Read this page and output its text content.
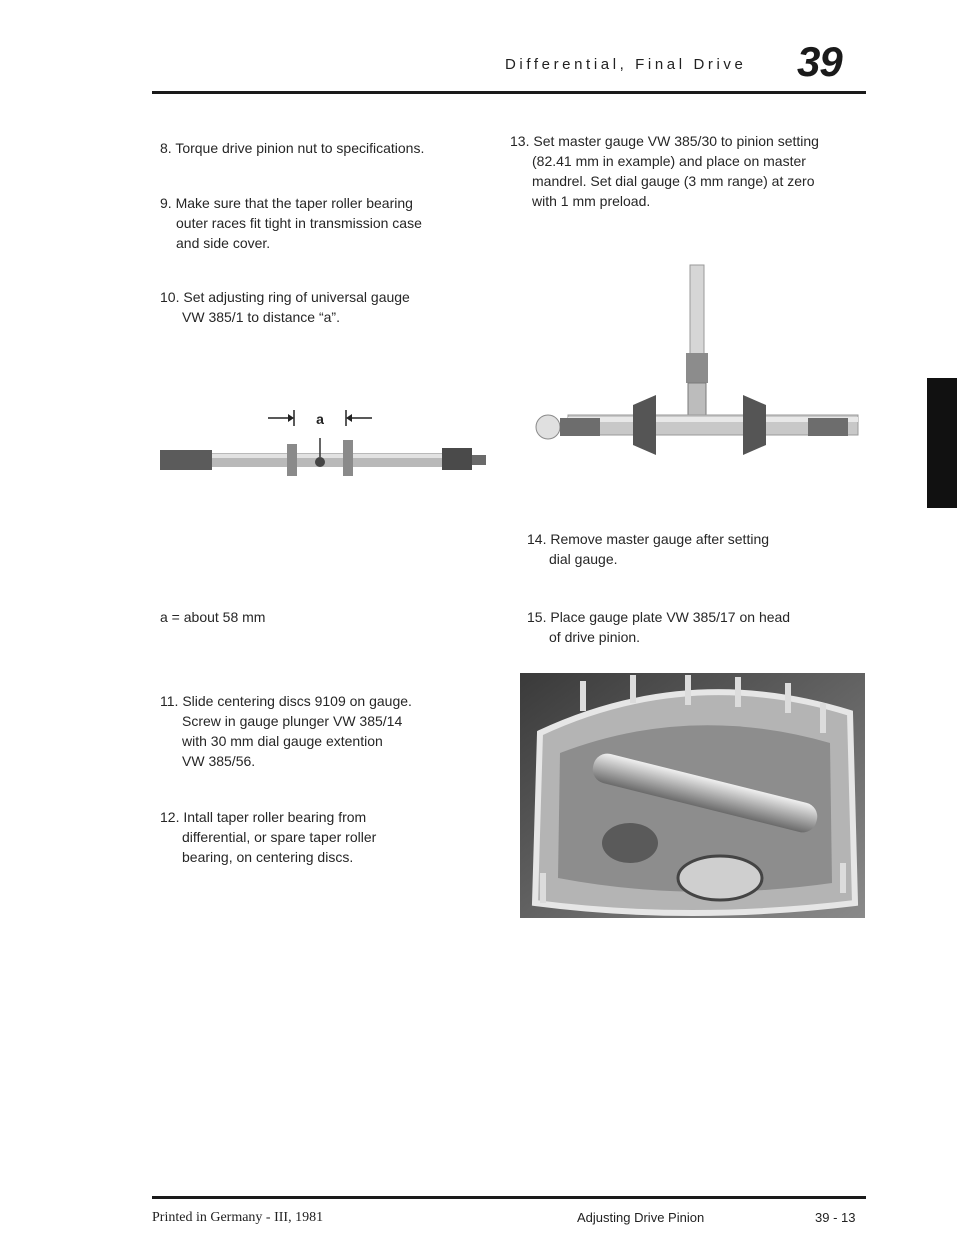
Differential, Final Drive 39
8. Torque drive pinion nut to specifications.
9. Make sure that the taper roller bearing
outer races fit tight in transmission case
and side cover.
10. Set adjusting ring of universal gauge
VW 385/1 to distance “a”.
a
a = about 58 mm
11. Slide centering discs 9109 on gauge.
Screw in gauge plunger VW 385/14
with 30 mm dial gauge extention
VW 385/56.
12. Intall taper roller bearing from
differential, or spare taper roller
bearing, on centering discs.
13. Set master gauge VW 385/30 to pinion setting
(82.41 mm in example) and place on master
mandrel. Set dial gauge (3 mm range) at zero
with 1 mm preload.
14. Remove master gauge after setting
dial gauge.
15. Place gauge plate VW 385/17 on head
of drive pinion.
Printed in Germany - III, 1981	Adjusting Drive Pinion	39 - 13
